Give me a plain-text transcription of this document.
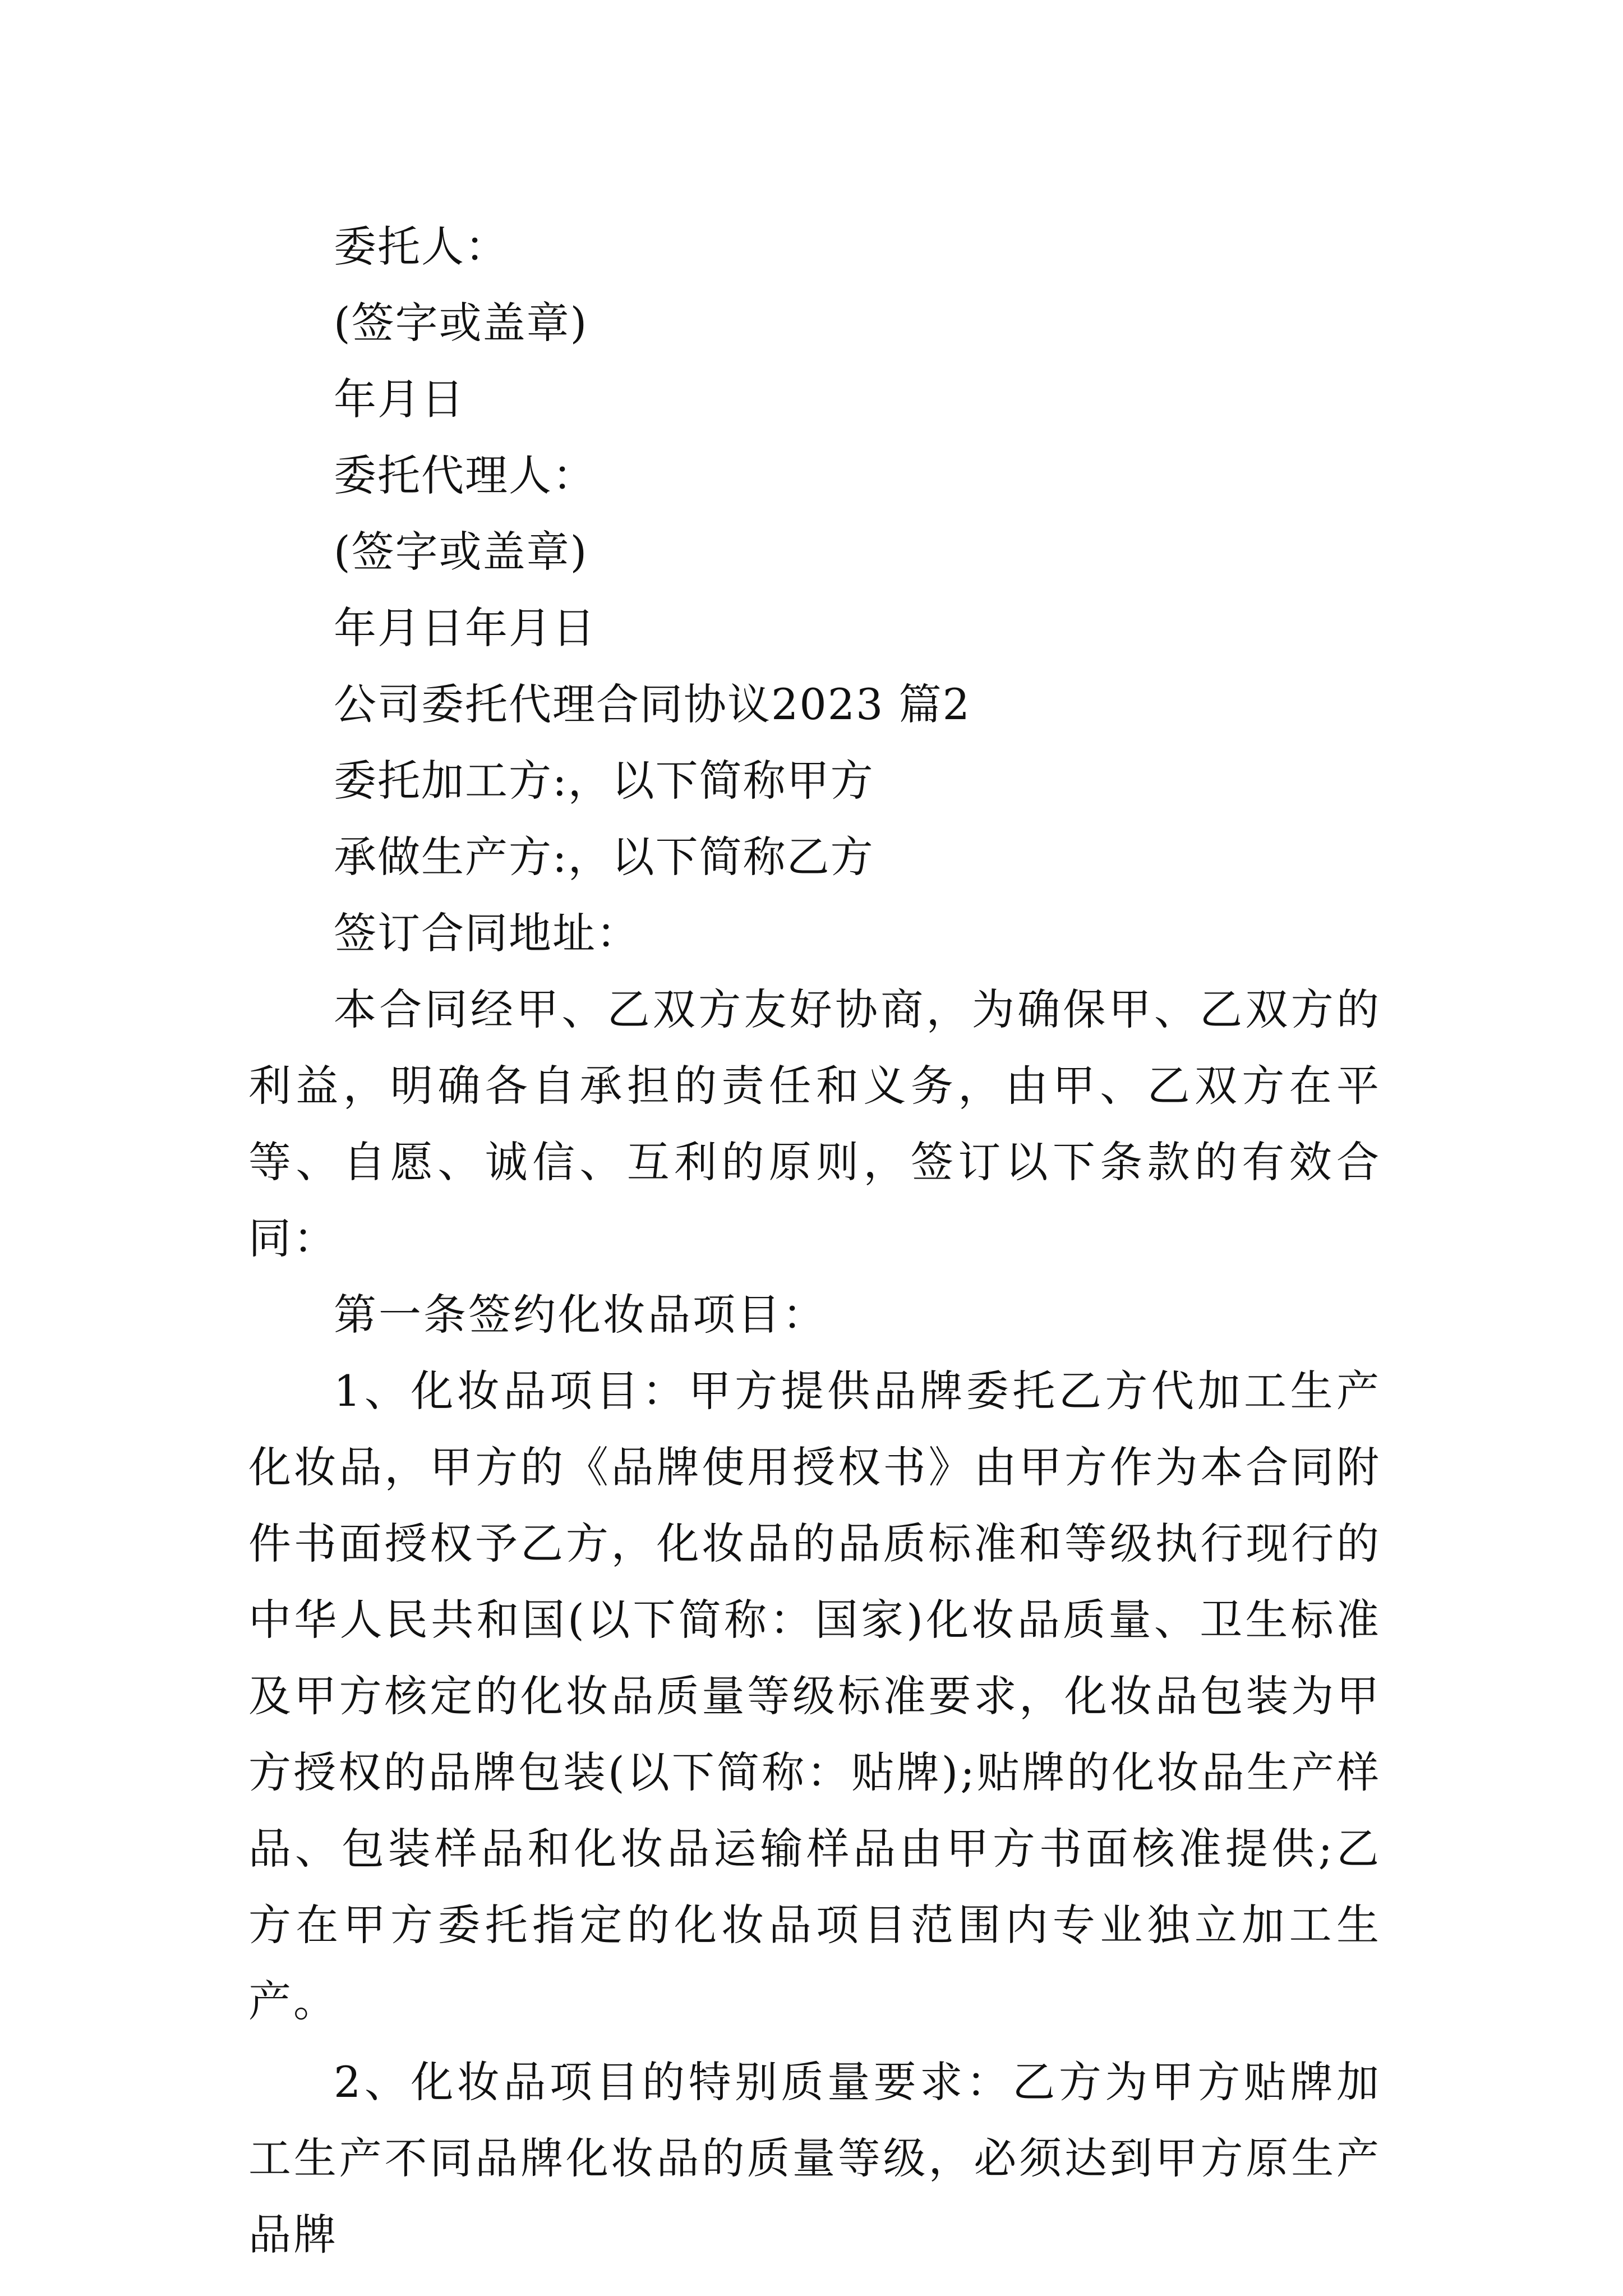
委托人：
(签字或盖章)
年月日
委托代理人：
(签字或盖章)
年月日年月日
公司委托代理合同协议2023 篇2
委托加工方:，以下简称甲方
承做生产方:，以下简称乙方
签订合同地址：

本合同经甲、乙双方友好协商，为确保甲、乙双方的利益，明确各自承担的责任和义务，由甲、乙双方在平等、自愿、诚信、互利的原则，签订以下条款的有效合同：

第一条签约化妆品项目：

1、化妆品项目：甲方提供品牌委托乙方代加工生产化妆品，甲方的《品牌使用授权书》由甲方作为本合同附件书面授权予乙方，化妆品的品质标准和等级执行现行的中华人民共和国(以下简称：国家)化妆品质量、卫生标准及甲方核定的化妆品质量等级标准要求，化妆品包装为甲方授权的品牌包装(以下简称：贴牌);贴牌的化妆品生产样品、包装样品和化妆品运输样品由甲方书面核准提供;乙方在甲方委托指定的化妆品项目范围内专业独立加工生产。

2、化妆品项目的特别质量要求：乙方为甲方贴牌加工生产不同品牌化妆品的质量等级，必须达到甲方原生产品牌
